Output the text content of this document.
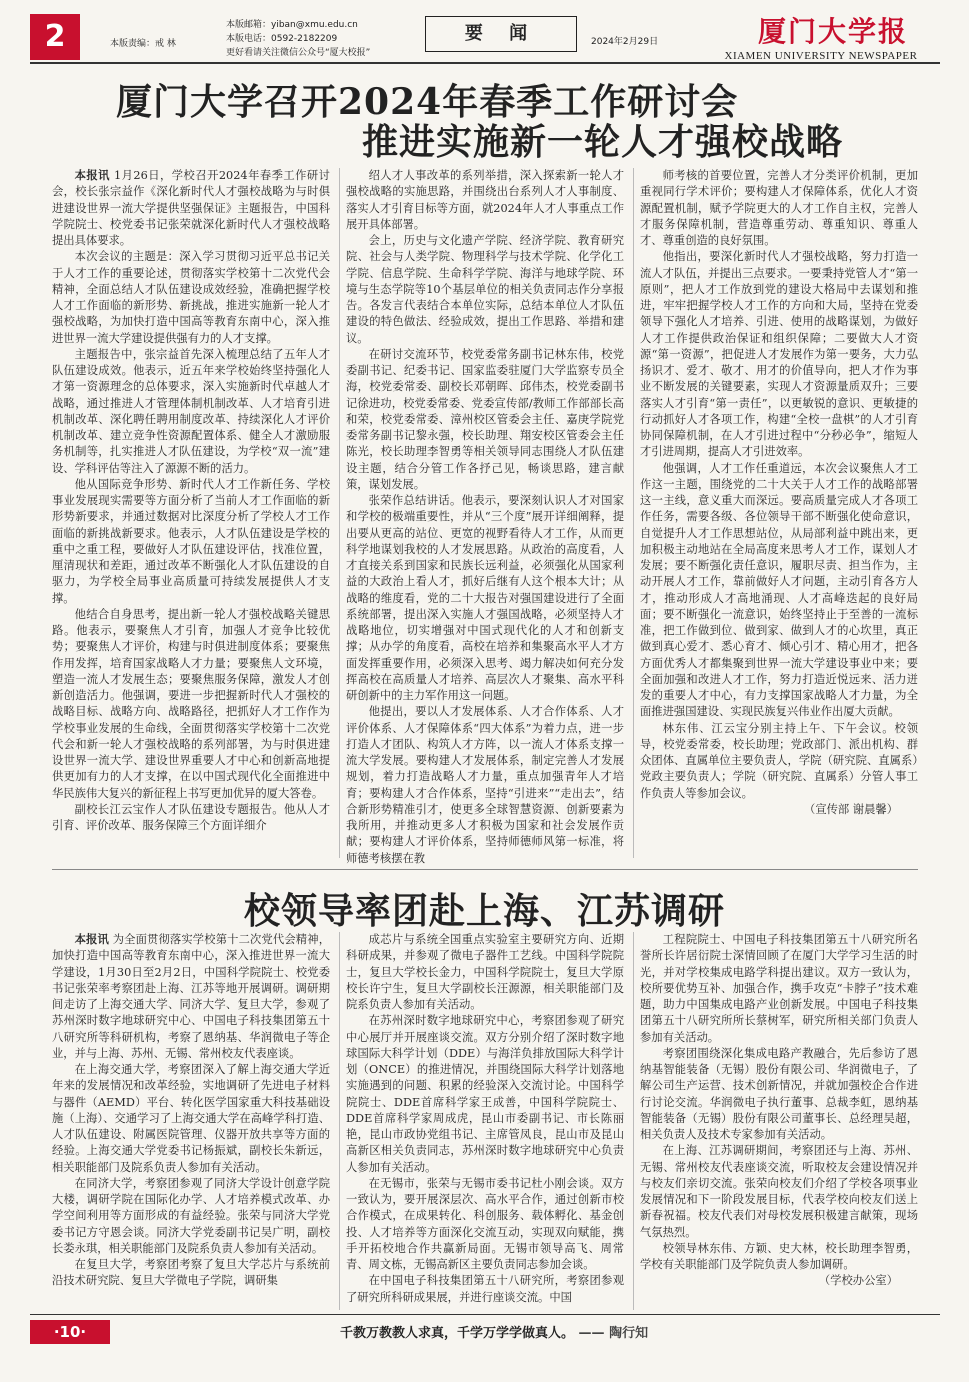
2	本版责编：戒 林
本版邮箱：yiban@xmu.edu.cn
本版电话：0592-2182209
更好看请关注微信公众号“厦大校报”
要 闻	2024年2月29日	厦门大学报
XIAMEN UNIVERSITY NEWSPAPER
厦门大学召开2024年春季工作研讨会
推进实施新一轮人才强校战略

本报讯 1月26日，学校召开2024年春季工作研讨会，校长张宗益作《深化新时代人才强校战略为与时俱进建设世界一流大学提供坚强保证》主题报告，中国科学院院士、校党委书记张荣就深化新时代人才强校战略提出具体要求。

本次会议的主题是：深入学习贯彻习近平总书记关于人才工作的重要论述，贯彻落实学校第十二次党代会精神，全面总结人才队伍建设成效经验，准确把握学校人才工作面临的新形势、新挑战，推进实施新一轮人才强校战略，为加快打造中国高等教育东南中心，深入推进世界一流大学建设提供强有力的人才支撑。

主题报告中，张宗益首先深入梳理总结了五年人才队伍建设成效。他表示，近五年来学校始终坚持强化人才第一资源理念的总体要求，深入实施新时代卓越人才战略，通过推进人才管理体制机制改革、人才培育引进机制改革、深化聘任聘用制度改革、持续深化人才评价机制改革、建立竞争性资源配置体系、健全人才激励服务机制等，扎实推进人才队伍建设，为学校“双一流”建设、学科评估等注入了源源不断的活力。

他从国际竞争形势、新时代人才工作新任务、学校事业发展现实需要等方面分析了当前人才工作面临的新形势新要求，并通过数据对比深度分析了学校人才工作面临的新挑战新要求。他表示，人才队伍建设是学校的重中之重工程，要做好人才队伍建设评估，找准位置，厘清现状和差距，通过改革不断强化人才队伍建设的自驱力，为学校全局事业高质量可持续发展提供人才支撑。

他结合自身思考，提出新一轮人才强校战略关键思路。他表示，要聚焦人才引育，加强人才竞争比较优势；要聚焦人才评价，构建与时俱进制度体系；要聚焦作用发挥，培育国家战略人才力量；要聚焦人文环境，塑造一流人才发展生态；要聚焦服务保障，激发人才创新创造活力。他强调，要进一步把握新时代人才强校的战略目标、战略方向、战略路径，把抓好人才工作作为学校事业发展的生命线，全面贯彻落实学校第十二次党代会和新一轮人才强校战略的系列部署，为与时俱进建设世界一流大学、建设世界重要人才中心和创新高地提供更加有力的人才支撑，在以中国式现代化全面推进中华民族伟大复兴的新征程上书写更加优异的厦大答卷。

副校长江云宝作人才队伍建设专题报告。他从人才引育、评价改革、服务保障三个方面详细介

绍人才人事改革的系列举措，深入探索新一轮人才强校战略的实施思路，并围绕出台系列人才人事制度、落实人才引育目标等方面，就2024年人才人事重点工作展开具体部署。

会上，历史与文化遗产学院、经济学院、教育研究院、社会与人类学院、物理科学与技术学院、化学化工学院、信息学院、生命科学学院、海洋与地球学院、环境与生态学院等10个基层单位的相关负责同志作分享报告。各发言代表结合本单位实际，总结本单位人才队伍建设的特色做法、经验成效，提出工作思路、举措和建议。

在研讨交流环节，校党委常务副书记林东伟，校党委副书记、纪委书记、国家监委驻厦门大学监察专员全海，校党委常委、副校长邓朝晖、邱伟杰，校党委副书记徐进功，校党委常委、党委宣传部/教师工作部部长高和荣，校党委常委、漳州校区管委会主任、嘉庚学院党委常务副书记黎永强，校长助理、翔安校区管委会主任陈光，校长助理李智勇等相关领导同志围绕人才队伍建设主题，结合分管工作各抒己见，畅谈思路，建言献策，谋划发展。

张荣作总结讲话。他表示，要深刻认识人才对国家和学校的极端重要性，并从“三个度”展开详细阐释，提出要从更高的站位、更宽的视野看待人才工作，从而更科学地谋划我校的人才发展思路。从政治的高度看，人才直接关系到国家和民族长远利益，必须强化从国家利益的大政治上看人才，抓好后继有人这个根本大计；从战略的维度看，党的二十大报告对强国建设进行了全面系统部署，提出深入实施人才强国战略，必须坚持人才战略地位，切实增强对中国式现代化的人才和创新支撑；从办学的角度看，高校在培养和集聚高水平人才方面发挥重要作用，必须深入思考、竭力解决如何充分发挥高校在高质量人才培养、高层次人才聚集、高水平科研创新中的主力军作用这一问题。

他提出，要以人才发展体系、人才合作体系、人才评价体系、人才保障体系“四大体系”为着力点，进一步打造人才团队、构筑人才方阵，以一流人才体系支撑一流大学发展。要构建人才发展体系，制定完善人才发展规划，着力打造战略人才力量，重点加强青年人才培育；要构建人才合作体系，坚持“引进来”“走出去”，结合新形势精准引才，使更多全球智慧资源、创新要素为我所用，并推动更多人才积极为国家和社会发展作贡献；要构建人才评价体系，坚持师德师风第一标准，将师德考核摆在教

师考核的首要位置，完善人才分类评价机制，更加重视同行学术评价；要构建人才保障体系，优化人才资源配置机制，赋予学院更大的人才工作自主权，完善人才服务保障机制，营造尊重劳动、尊重知识、尊重人才、尊重创造的良好氛围。

他指出，要深化新时代人才强校战略，努力打造一流人才队伍，并提出三点要求。一要秉持党管人才“第一原则”，把人才工作放到党的建设大格局中去谋划和推进，牢牢把握学校人才工作的方向和大局，坚持在党委领导下强化人才培养、引进、使用的战略谋划，为做好人才工作提供政治保证和组织保障；二要做大人才资源“第一资源”，把促进人才发展作为第一要务，大力弘扬识才、爱才、敬才、用才的价值导向，把人才作为事业不断发展的关键要素，实现人才资源量质双升；三要落实人才引育“第一责任”，以更敏锐的意识、更敏捷的行动抓好人才各项工作，构建“全校一盘棋”的人才引育协同保障机制，在人才引进过程中“分秒必争”，缩短人才引进周期，提高人才引进效率。

他强调，人才工作任重道远，本次会议聚焦人才工作这一主题，围绕党的二十大关于人才工作的战略部署这一主线，意义重大而深远。要高质量完成人才各项工作任务，需要各级、各位领导干部不断强化使命意识，自觉提升人才工作思想站位，从局部利益中跳出来，更加积极主动地站在全局高度来思考人才工作，谋划人才发展；要不断强化责任意识，履职尽责、担当作为，主动开展人才工作，靠前做好人才问题，主动引育各方人才，推动形成人才高地涌现、人才高峰迭起的良好局面；要不断强化一流意识，始终坚持止于至善的一流标准，把工作做到位、做到家、做到人才的心坎里，真正做到真心爱才、悉心育才、倾心引才、精心用才，把各方面优秀人才都集聚到世界一流大学建设事业中来；要全面加强和改进人才工作，努力打造近悦远来、活力迸发的重要人才中心，有力支撑国家战略人才力量，为全面推进强国建设、实现民族复兴伟业作出厦大贡献。

林东伟、江云宝分别主持上午、下午会议。校领导，校党委常委，校长助理；党政部门、派出机构、群众团体、直属单位主要负责人，学院（研究院、直属系）党政主要负责人；学院（研究院、直属系）分管人事工作负责人等参加会议。

（宣传部 谢晨馨）

校领导率团赴上海、江苏调研

本报讯 为全面贯彻落实学校第十二次党代会精神，加快打造中国高等教育东南中心，深入推进世界一流大学建设，1月30日至2月2日，中国科学院院士、校党委书记张荣率考察团赴上海、江苏等地开展调研。调研期间走访了上海交通大学、同济大学、复旦大学，参观了苏州深时数字地球研究中心、中国电子科技集团第五十八研究所等科研机构，考察了恩纳基、华润微电子等企业，并与上海、苏州、无锡、常州校友代表座谈。

在上海交通大学，考察团深入了解上海交通大学近年来的发展情况和改革经验，实地调研了先进电子材料与器件（AEMD）平台、转化医学国家重大科技基础设施（上海）、交通学习了上海交通大学在高峰学科打造、人才队伍建设、附属医院管理、仪器开放共享等方面的经验。上海交通大学党委书记杨振斌，副校长朱新远，相关职能部门及院系负责人参加有关活动。

在同济大学，考察团参观了同济大学设计创意学院大楼，调研学院在国际化办学、人才培养模式改革、办学空间利用等方面形成的有益经验。张荣与同济大学党委书记方守恩会谈。同济大学党委副书记吴广明，副校长娄永琪，相关职能部门及院系负责人参加有关活动。

在复旦大学，考察团考察了复旦大学芯片与系统前沿技术研究院、复旦大学微电子学院，调研集

成芯片与系统全国重点实验室主要研究方向、近期科研成果，并参观了微电子器件工艺线。中国科学院院士，复旦大学校长金力，中国科学院院士，复旦大学原校长许宁生，复旦大学副校长汪源源，相关职能部门及院系负责人参加有关活动。

在苏州深时数字地球研究中心，考察团参观了研究中心展厅并开展座谈交流。双方分别介绍了深时数字地球国际大科学计划（DDE）与海洋负排放国际大科学计划（ONCE）的推进情况，并围绕国际大科学计划落地实施遇到的问题、积累的经验深入交流讨论。中国科学院院士、DDE首席科学家王成善，中国科学院院士、DDE首席科学家周成虎，昆山市委副书记、市长陈丽艳，昆山市政协党组书记、主席管凤良，昆山市及昆山高新区相关负责同志，苏州深时数字地球研究中心负责人参加有关活动。

在无锡市，张荣与无锡市委书记杜小刚会谈。双方一致认为，要开展深层次、高水平合作，通过创新市校合作模式，在成果转化、科创服务、载体孵化、基金创投、人才培养等方面深化交流互动，实现双向赋能，携手开拓校地合作共赢新局面。无锡市领导高飞、周常青、周文栋，无锡高新区主要负责同志参加会谈。

在中国电子科技集团第五十八研究所，考察团参观了研究所科研成果展，并进行座谈交流。中国

工程院院士、中国电子科技集团第五十八研究所名誉所长许居衍院士深情回顾了在厦门大学学习生活的时光，并对学校集成电路学科提出建议。双方一致认为，校所要优势互补、加强合作，携手攻克“卡脖子”技术难题，助力中国集成电路产业创新发展。中国电子科技集团第五十八研究所所长蔡树军，研究所相关部门负责人参加有关活动。

考察团围绕深化集成电路产教融合，先后参访了恩纳基智能装备（无锡）股份有限公司、华润微电子，了解公司生产运营、技术创新情况，并就加强校企合作进行讨论交流。华润微电子执行董事、总裁李虹，恩纳基智能装备（无锡）股份有限公司董事长、总经理吴超，相关负责人及技术专家参加有关活动。

在上海、江苏调研期间，考察团还与上海、苏州、无锡、常州校友代表座谈交流，听取校友会建设情况并与校友们亲切交流。张荣向校友们介绍了学校各项事业发展情况和下一阶段发展目标，代表学校向校友们送上新春祝福。校友代表们对母校发展积极建言献策，现场气氛热烈。

校领导林东伟、方颖、史大林，校长助理李智勇，学校有关职能部门及学院负责人参加调研。

（学校办公室）

·10·	千教万教教人求真，千学万学学做真人。 —— 陶行知
